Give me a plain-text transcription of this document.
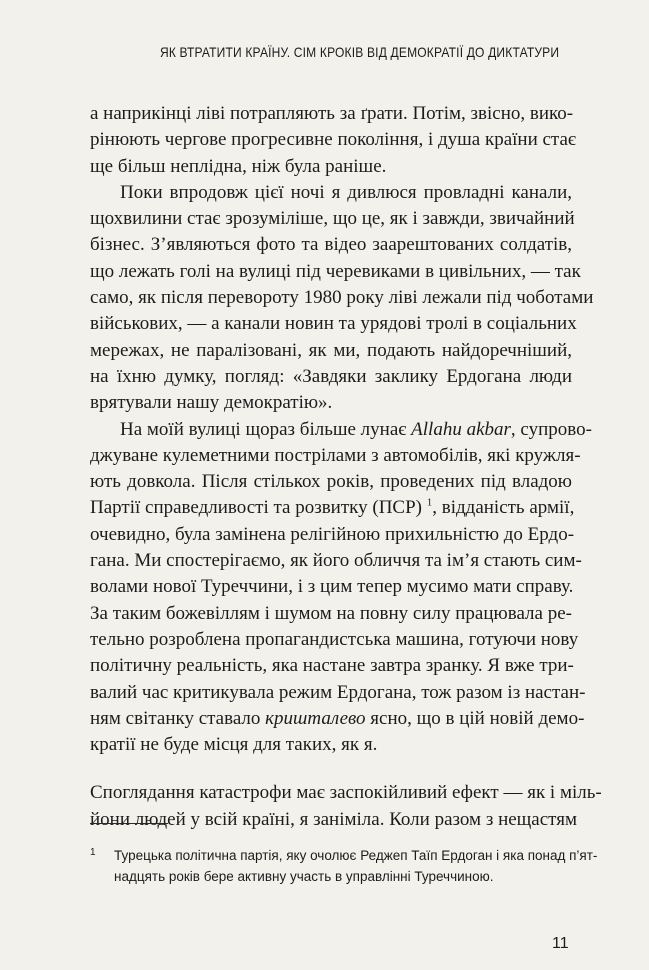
ЯК ВТРАТИТИ КРАЇНУ. СІМ КРОКІВ ВІД ДЕМОКРАТІЇ ДО ДИКТАТУРИ

а наприкінці ліві потрапляють за ґрати. Потім, звісно, вико-
рінюють чергове прогресивне покоління, і душа країни стає
ще більш неплідна, ніж була раніше.

Поки впродовж цієї ночі я дивлюся провладні канали,
щохвилини стає зрозуміліше, що це, як і завжди, звичайний
бізнес. З’являються фото та відео заарештованих солдатів,
що лежать голі на вулиці під черевиками в цивільних, — так
само, як після перевороту 1980 року ліві лежали під чоботами
військових, — а канали новин та урядові тролі в соціальних
мережах, не паралізовані, як ми, подають найдоречніший,
на їхню думку, погляд: «Завдяки заклику Ердогана люди
врятували нашу демократію».

На моїй вулиці щораз більше лунає Allahu akbar, супрово-
джуване кулеметними пострілами з автомобілів, які кружля-
ють довкола. Після стількох років, проведених під владою
Партії справедливості та розвитку (ПСР) $^1$, відданість армії,
очевидно, була замінена релігійною прихильністю до Ердо-
гана. Ми спостерігаємо, як його обличчя та ім’я стають сим-
волами нової Туреччини, і з цим тепер мусимо мати справу.
За таким божевіллям і шумом на повну силу працювала ре-
тельно розроблена пропагандистська машина, готуючи нову
політичну реальність, яка настане завтра зранку. Я вже три-
валий час критикувала режим Ердогана, тож разом із настан-
ням світанку ставало кришталево ясно, що в цій новій демо-
кратії не буде місця для таких, як я.

Споглядання катастрофи має заспокійливий ефект — як і міль-
йони людей у всій країні, я заніміла. Коли разом з нещастям

1	Турецька політична партія, яку очолює Реджеп Таїп Ердоган і яка понад п’ят-
надцять років бере активну участь в управлінні Туреччиною.
11
